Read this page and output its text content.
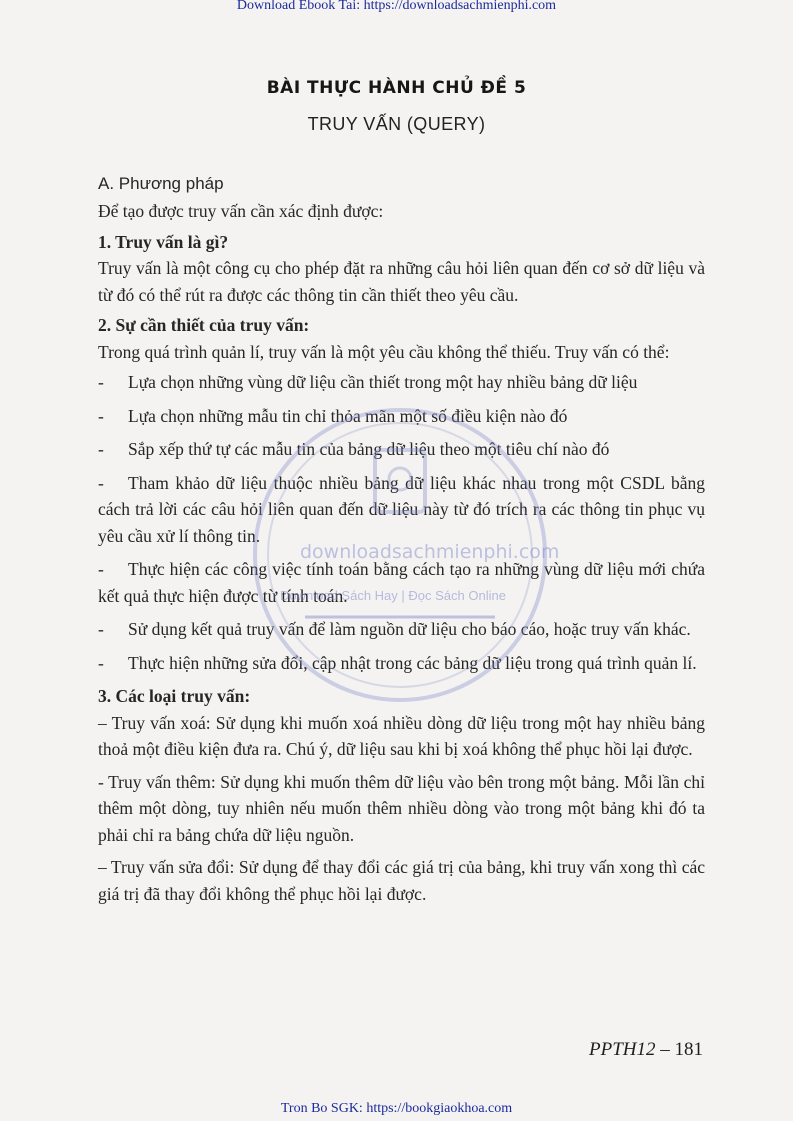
Download Ebook Tai: https://downloadsachmienphi.com
BÀI THỰC HÀNH CHỦ ĐỀ 5
TRUY VẤN (QUERY)

A. Phương pháp

Để tạo được truy vấn cần xác định được:

1. Truy vấn là gì?

Truy vấn là một công cụ cho phép đặt ra những câu hỏi liên quan đến cơ sở dữ liệu và từ đó có thể rút ra được các thông tin cần thiết theo yêu cầu.

2. Sự cần thiết của truy vấn:

Trong quá trình quản lí, truy vấn là một yêu cầu không thể thiếu. Truy vấn có thể:

- Lựa chọn những vùng dữ liệu cần thiết trong một hay nhiều bảng dữ liệu

- Lựa chọn những mẫu tin chỉ thỏa mãn một số điều kiện nào đó

- Sắp xếp thứ tự các mẫu tin của bảng dữ liệu theo một tiêu chí nào đó

- Tham khảo dữ liệu thuộc nhiều bảng dữ liệu khác nhau trong một CSDL bằng cách trả lời các câu hỏi liên quan đến dữ liệu này từ đó trích ra các thông tin phục vụ yêu cầu xử lí thông tin.

- Thực hiện các công việc tính toán bằng cách tạo ra những vùng dữ liệu mới chứa kết quả thực hiện được từ tính toán.

- Sử dụng kết quả truy vấn để làm nguồn dữ liệu cho báo cáo, hoặc truy vấn khác.

- Thực hiện những sửa đổi, cập nhật trong các bảng dữ liệu trong quá trình quản lí.

3. Các loại truy vấn:

– Truy vấn xoá: Sử dụng khi muốn xoá nhiều dòng dữ liệu trong một hay nhiều bảng thoả một điều kiện đưa ra. Chú ý, dữ liệu sau khi bị xoá không thể phục hồi lại được.

- Truy vấn thêm: Sử dụng khi muốn thêm dữ liệu vào bên trong một bảng. Mỗi lần chỉ thêm một dòng, tuy nhiên nếu muốn thêm nhiều dòng vào trong một bảng khi đó ta phải chỉ ra bảng chứa dữ liệu nguồn.

– Truy vấn sửa đổi: Sử dụng để thay đổi các giá trị của bảng, khi truy vấn xong thì các giá trị đã thay đổi không thể phục hồi lại được.

downloadsachmienphi.com
Download Sách Hay | Đọc Sách Online
PPTH12 – 181
Tron Bo SGK: https://bookgiaokhoa.com
